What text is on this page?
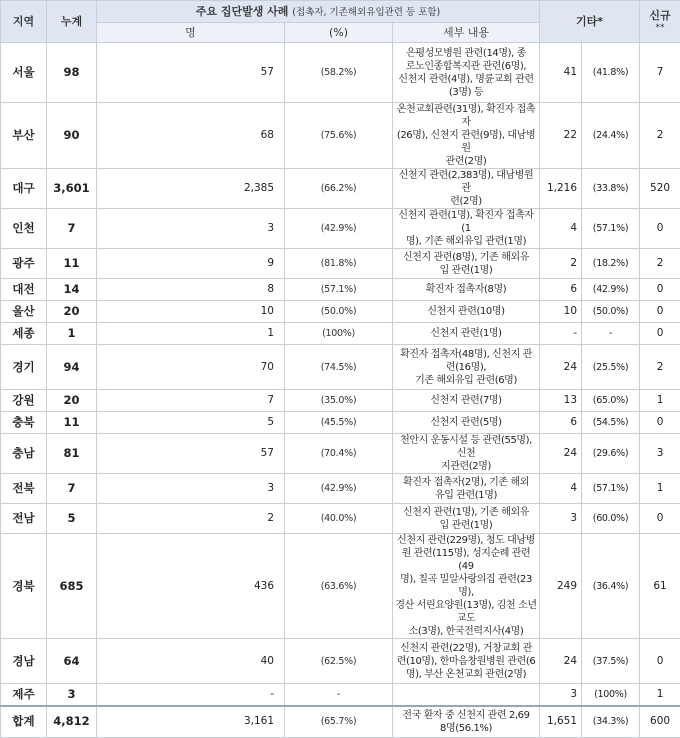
지역	누계	주요 집단발생 사례 (접촉자, 기존해외유입관련 등 포함)			기타*		신규
**

		명	(%)	세부 내용			
서울	98	57	(58.2%)	은평성모병원 관련(14명), 종
로노인종합복지관 관련(6명),
신천지 관련(4명), 명륜교회 관련
(3명) 등	41	(41.8%)	7
부산	90	68	(75.6%)	온천교회관련(31명), 확진자 접촉자
(26명), 신천지 관련(9명), 대남병원
관련(2명)	22	(24.4%)	2
대구	3,601	2,385	(66.2%)	신천지 관련(2,383명), 대남병원 관
련(2명)	1,216	(33.8%)	520
인천	7	3	(42.9%)	신천지 관련(1명), 확진자 접촉자(1
명), 기존 해외유입 관련(1명)	4	(57.1%)	0
광주	11	9	(81.8%)	신천지 관련(8명), 기존 해외유
입 관련(1명)	2	(18.2%)	2
대전	14	8	(57.1%)	확진자 접촉자(8명)	6	(42.9%)	0
울산	20	10	(50.0%)	신천지 관련(10명)	10	(50.0%)	0
세종	1	1	(100%)	신천지 관련(1명)	-	-	0
경기	94	70	(74.5%)	확진자 접촉자(48명), 신천지 관
련(16명),
기존 해외유입 관련(6명)	24	(25.5%)	2
강원	20	7	(35.0%)	신천지 관련(7명)	13	(65.0%)	1
충북	11	5	(45.5%)	신천지 관련(5명)	6	(54.5%)	0
충남	81	57	(70.4%)	천안시 운동시설 등 관련(55명), 신천
지관련(2명)	24	(29.6%)	3
전북	7	3	(42.9%)	확진자 접촉자(2명), 기존 해외
유입 관련(1명)	4	(57.1%)	1
전남	5	2	(40.0%)	신천지 관련(1명), 기존 해외유
입 관련(1명)	3	(60.0%)	0
경북	685	436	(63.6%)	신천지 관련(229명), 청도 대남병
원 관련(115명), 성지순례 관련(49
명), 칠곡 밀알사랑의집 관련(23명),
경산 서린요양원(13명), 김천 소년교도
소(3명), 한국전력지사(4명)	249	(36.4%)	61
경남	64	40	(62.5%)	신천지 관련(22명), 거창교회 관
련(10명), 한마음창원병원 관련(6
명), 부산 온천교회 관련(2명)	24	(37.5%)	0
제주	3	-	-		3	(100%)	1
합계	4,812	3,161	(65.7%)	전국 환자 중 신천지 관련 2,69
8명(56.1%)	1,651	(34.3%)	600
